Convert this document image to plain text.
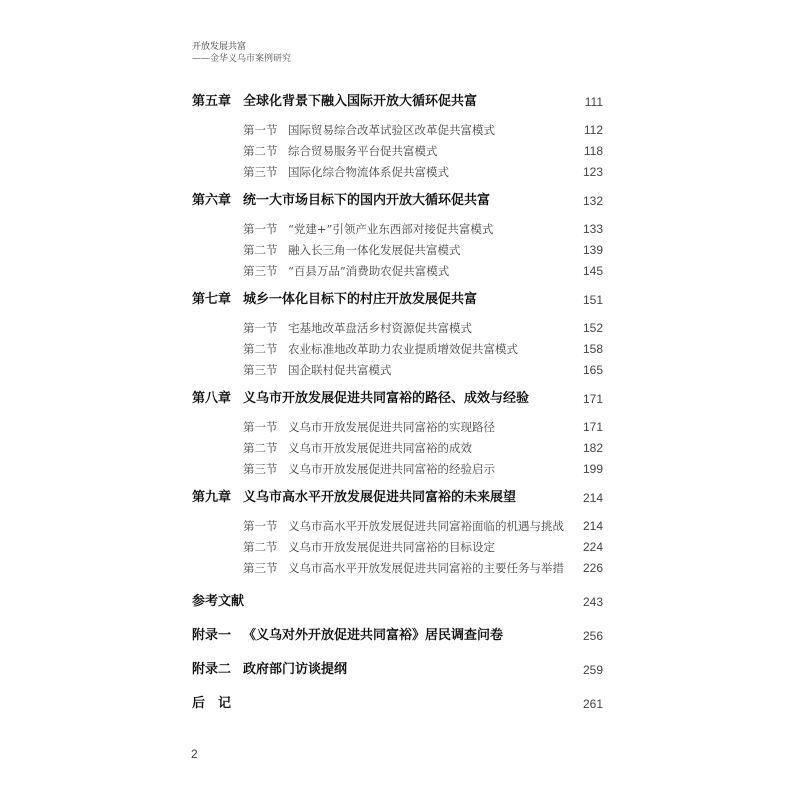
开放发展共富
——金华义乌市案例研究
第五章 全球化背景下融入国际开放大循环促共富	111
第一节 国际贸易综合改革试验区改革促共富模式	112
第二节 综合贸易服务平台促共富模式	118
第三节 国际化综合物流体系促共富模式	123
第六章 统一大市场目标下的国内开放大循环促共富	132
第一节 “党建+”引领产业东西部对接促共富模式	133
第二节 融入长三角一体化发展促共富模式	139
第三节 “百县万品”消费助农促共富模式	145
第七章 城乡一体化目标下的村庄开放发展促共富	151
第一节 宅基地改革盘活乡村资源促共富模式	152
第二节 农业标准地改革助力农业提质增效促共富模式	158
第三节 国企联村促共富模式	165
第八章 义乌市开放发展促进共同富裕的路径、成效与经验	171
第一节 义乌市开放发展促进共同富裕的实现路径	171
第二节 义乌市开放发展促进共同富裕的成效	182
第三节 义乌市开放发展促进共同富裕的经验启示	199
第九章 义乌市高水平开放发展促进共同富裕的未来展望	214
第一节 义乌市高水平开放发展促进共同富裕面临的机遇与挑战 214
第二节 义乌市开放发展促进共同富裕的目标设定	224
第三节 义乌市高水平开放发展促进共同富裕的主要任务与举措 226
参考文献	243
附录一 《义乌对外开放促进共同富裕》居民调查问卷	256
附录二 政府部门访谈提纲	259
后　记	261
2
